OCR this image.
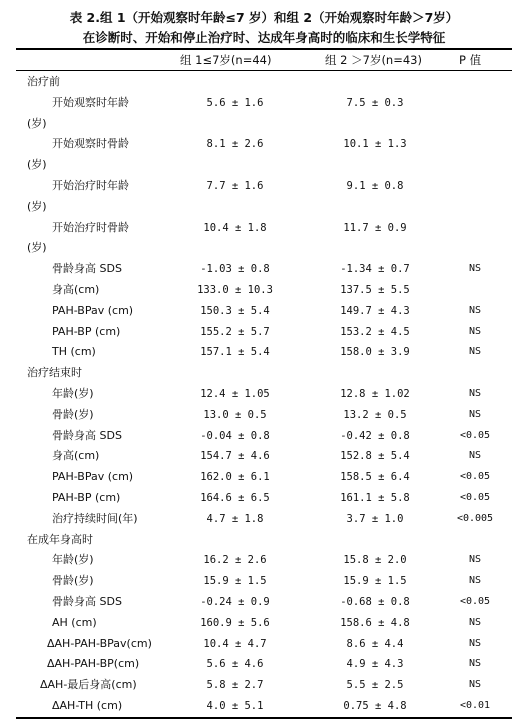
表 2.组 1（开始观察时年龄≤7 岁）和组 2（开始观察时年龄＞7岁）
在诊断时、开始和停止治疗时、达成年身高时的临床和生长学特征
组 1≤7岁(n=44)	组 2 ＞7岁(n=43)	P 值
治疗前
开始观察时年龄	5.6 ± 1.6	7.5 ± 0.3
(岁)
开始观察时骨龄	8.1 ± 2.6	10.1 ± 1.3
(岁)
开始治疗时年龄	7.7 ± 1.6	9.1 ± 0.8
(岁)
开始治疗时骨龄	10.4 ± 1.8	11.7 ± 0.9
(岁)
骨龄身高 SDS	-1.03 ± 0.8	-1.34 ± 0.7	NS
身高(cm)	133.0 ± 10.3	137.5 ± 5.5
PAH-BPav (cm)	150.3 ± 5.4	149.7 ± 4.3	NS
PAH-BP (cm)	155.2 ± 5.7	153.2 ± 4.5	NS
TH (cm)	157.1 ± 5.4	158.0 ± 3.9	NS
治疗结束时
年龄(岁)	12.4 ± 1.05	12.8 ± 1.02	NS
骨龄(岁)	13.0 ± 0.5	13.2 ± 0.5	NS
骨龄身高 SDS	-0.04 ± 0.8	-0.42 ± 0.8	<0.05
身高(cm)	154.7 ± 4.6	152.8 ± 5.4	NS
PAH-BPav (cm)	162.0 ± 6.1	158.5 ± 6.4	<0.05
PAH-BP (cm)	164.6 ± 6.5	161.1 ± 5.8	<0.05
治疗持续时间(年)	4.7 ± 1.8	3.7 ± 1.0	<0.005
在成年身高时
年龄(岁)	16.2 ± 2.6	15.8 ± 2.0	NS
骨龄(岁)	15.9 ± 1.5	15.9 ± 1.5	NS
骨龄身高 SDS	-0.24 ± 0.9	-0.68 ± 0.8	<0.05
AH (cm)	160.9 ± 5.6	158.6 ± 4.8	NS
ΔAH-PAH-BPav(cm)	10.4 ± 4.7	8.6 ± 4.4	NS
ΔAH-PAH-BP(cm)	5.6 ± 4.6	4.9 ± 4.3	NS
ΔAH-最后身高(cm)	5.8 ± 2.7	5.5 ± 2.5	NS
ΔAH-TH (cm)	4.0 ± 5.1	0.75 ± 4.8	<0.01
